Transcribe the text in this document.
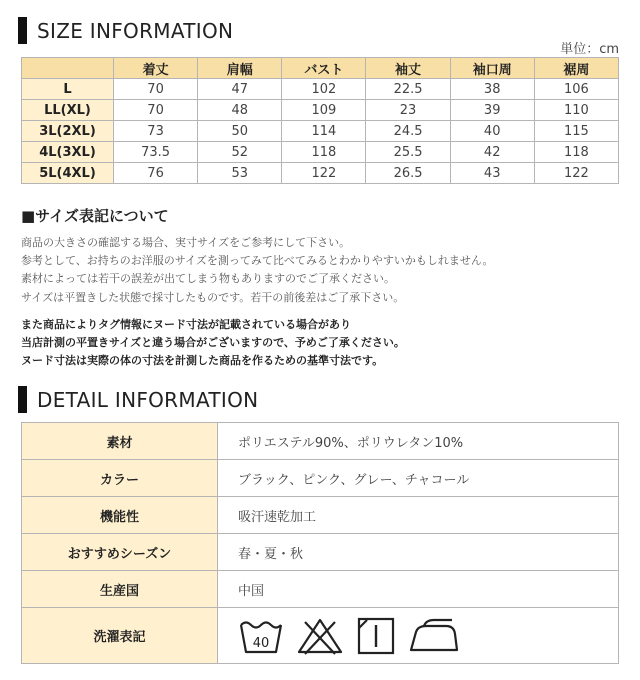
SIZE INFORMATION
単位：cm
	着丈	肩幅	バスト	袖丈	袖口周	裾周
L	70	47	102	22.5	38	106
LL(XL)	70	48	109	23	39	110
3L(2XL)	73	50	114	24.5	40	115
4L(3XL)	73.5	52	118	25.5	42	118
5L(4XL)	76	53	122	26.5	43	122
■サイズ表記について
商品の大きさの確認する場合、実寸サイズをご参考にして下さい。
参考として、お持ちのお洋服のサイズを測ってみて比べてみるとわかりやすいかもしれません。
素材によっては若干の誤差が出てしまう物もありますのでご了承ください。
サイズは平置きした状態で採寸したものです。若干の前後差はご了承下さい。
また商品によりタグ情報にヌード寸法が記載されている場合があり
当店計測の平置きサイズと違う場合がございますので、予めご了承ください。
ヌード寸法は実際の体の寸法を計測した商品を作るための基準寸法です。
DETAIL INFORMATION
素材	ポリエステル90%、ポリウレタン10%
カラー	ブラック、ピンク、グレー、チャコール
機能性	吸汗速乾加工
おすすめシーズン	春・夏・秋
生産国	中国
洗濯表記	40
